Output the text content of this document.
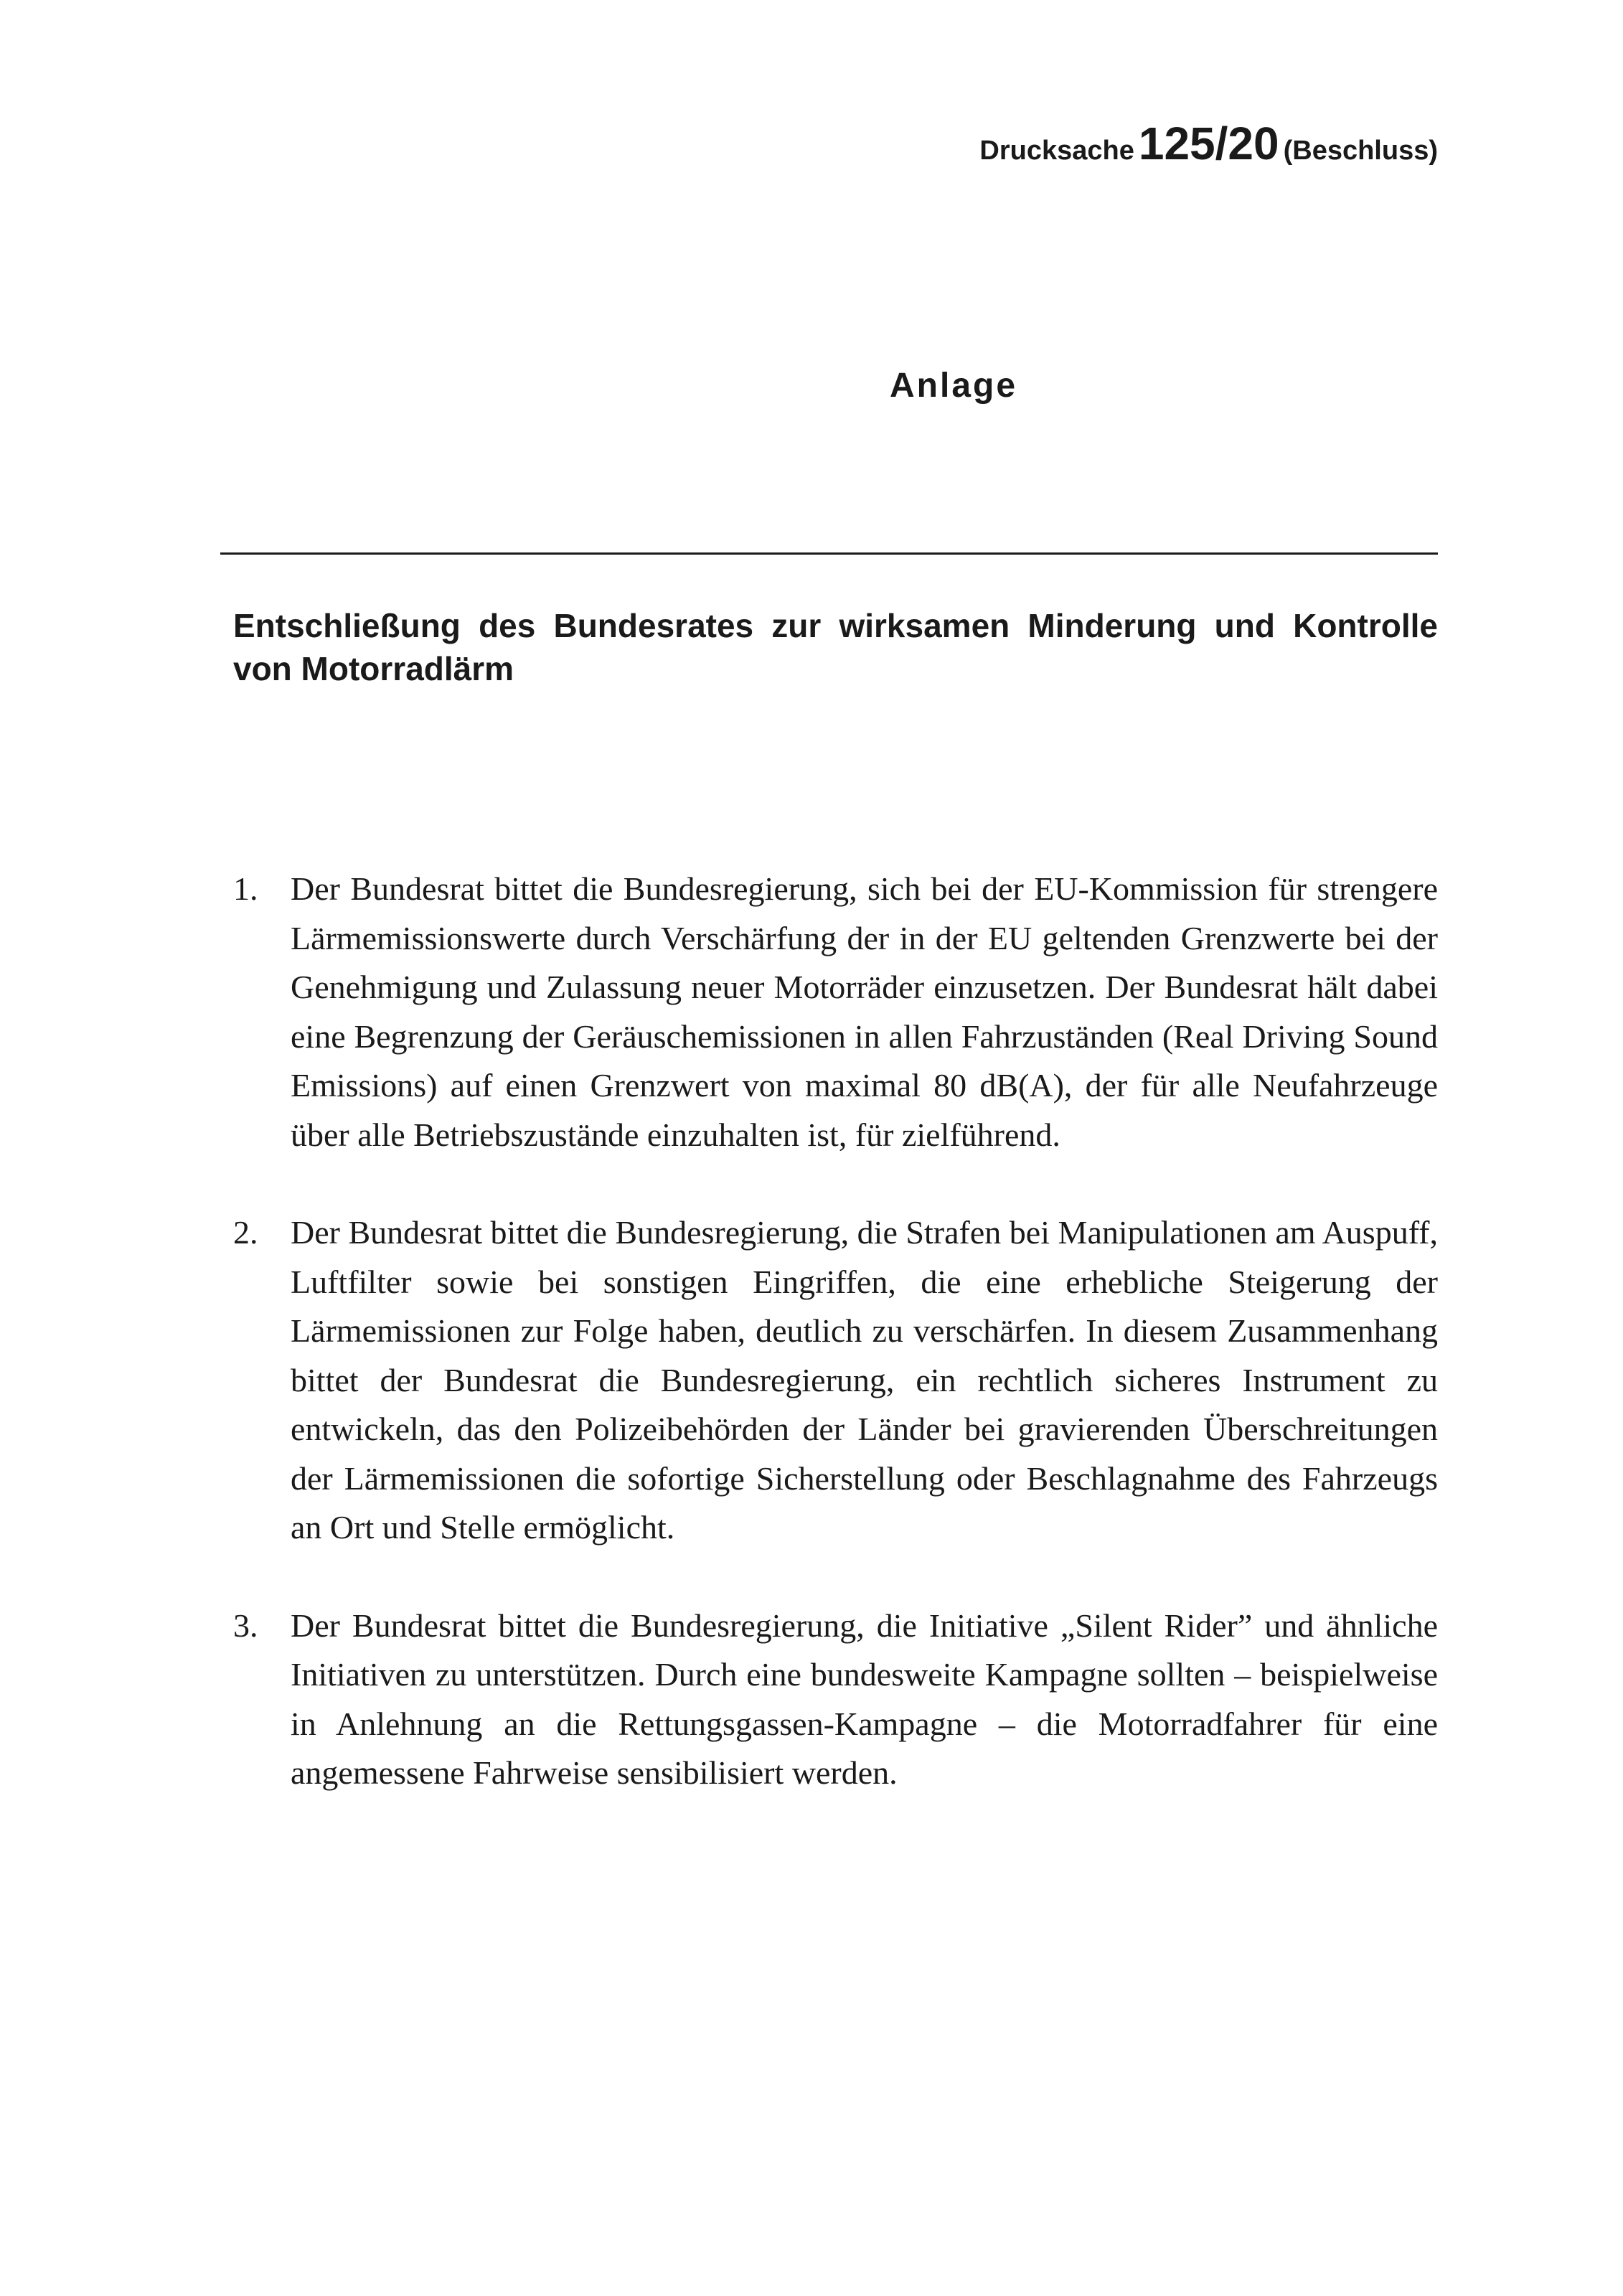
Drucksache125/20 (Beschluss)
Anlage
Entschließung des Bundesrates zur wirksamen Minderung und Kontrolle von Motorradlärm
1. Der Bundesrat bittet die Bundesregierung, sich bei der EU-Kommission für strengere Lärmemissionswerte durch Verschärfung der in der EU geltenden Grenzwerte bei der Genehmigung und Zulassung neuer Motorräder einzusetzen. Der Bundesrat hält dabei eine Begrenzung der Geräuschemissionen in allen Fahrzuständen (Real Driving Sound Emissions) auf einen Grenzwert von maximal 80 dB(A), der für alle Neufahrzeuge über alle Betriebszustände einzuhalten ist, für zielführend.
2. Der Bundesrat bittet die Bundesregierung, die Strafen bei Manipulationen am Auspuff, Luftfilter sowie bei sonstigen Eingriffen, die eine erhebliche Steigerung der Lärmemissionen zur Folge haben, deutlich zu verschärfen. In diesem Zusammenhang bittet der Bundesrat die Bundesregierung, ein rechtlich sicheres Instrument zu entwickeln, das den Polizeibehörden der Länder bei gravierenden Überschreitungen der Lärmemissionen die sofortige Sicherstellung oder Beschlagnahme des Fahrzeugs an Ort und Stelle ermöglicht.
3. Der Bundesrat bittet die Bundesregierung, die Initiative „Silent Rider” und ähnliche Initiativen zu unterstützen. Durch eine bundesweite Kampagne sollten – beispielweise in Anlehnung an die Rettungsgassen-Kampagne – die Motorradfahrer für eine angemessene Fahrweise sensibilisiert werden.
